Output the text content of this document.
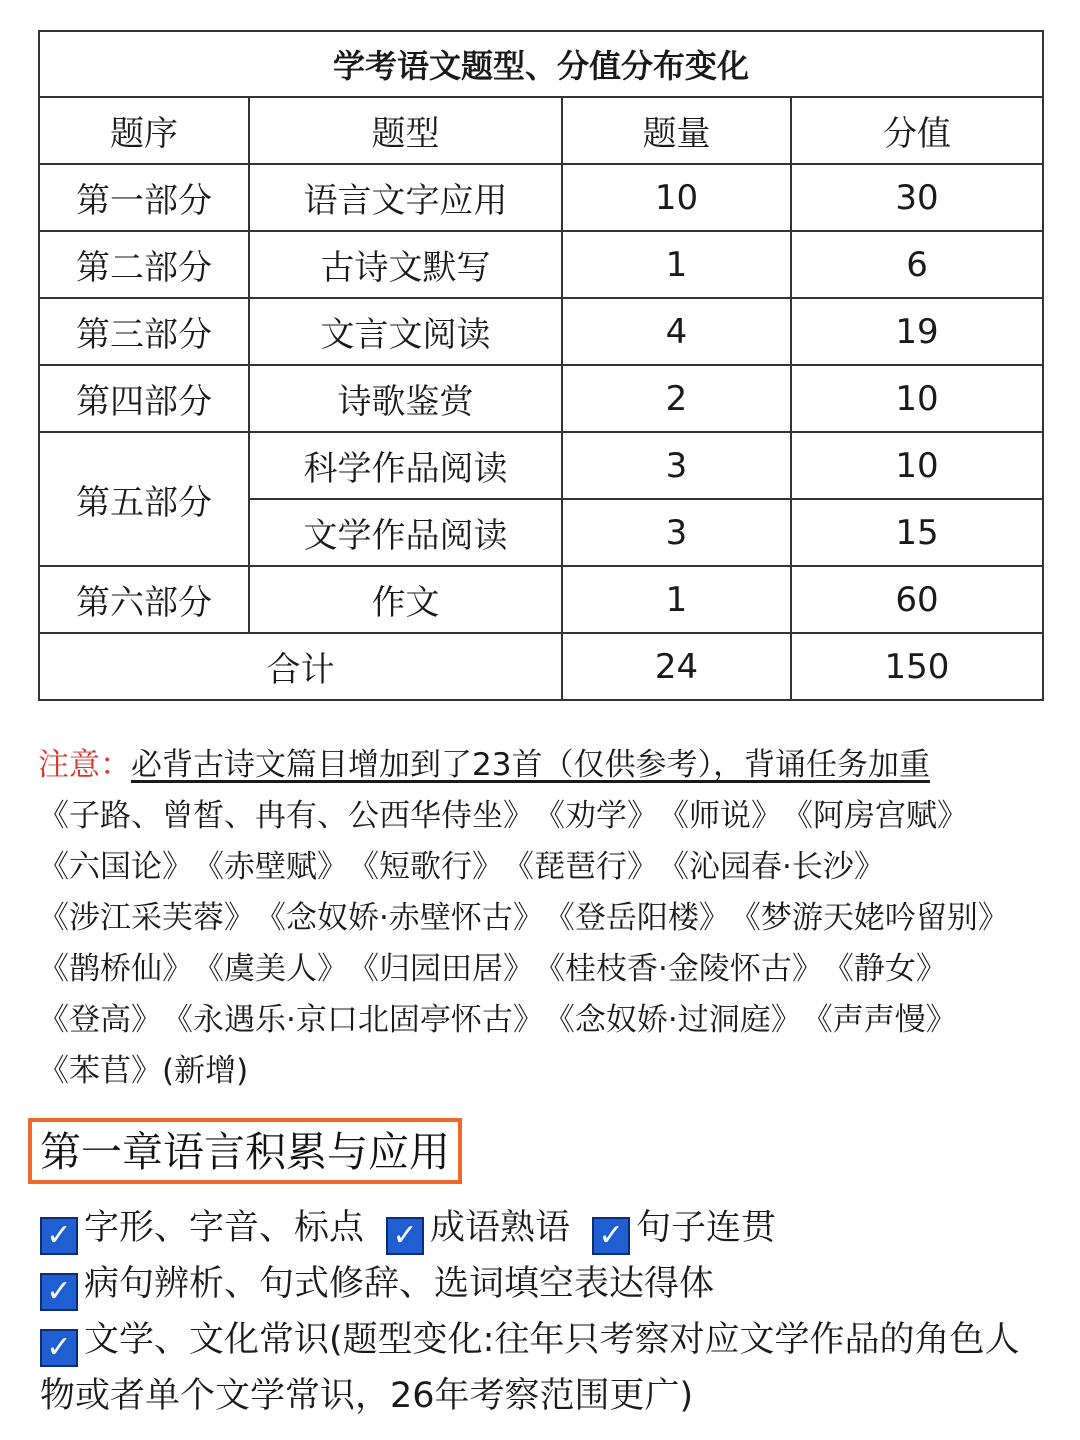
学考语文题型、分值分布变化			
题序	题型	题量	分值
第一部分	语言文字应用	10	30
第二部分	古诗文默写	1	6
第三部分	文言文阅读	4	19
第四部分	诗歌鉴赏	2	10
第五部分	科学作品阅读	3	10
	文学作品阅读	3	15
第六部分	作文	1	60
合计		24	150
注意：必背古诗文篇目增加到了23首（仅供参考），背诵任务加重
《子路、曾皙、冉有、公西华侍坐》《劝学》《师说》《阿房宫赋》《六国论》《赤壁赋》《短歌行》《琵琶行》《沁园春·长沙》《涉江采芙蓉》《念奴娇·赤壁怀古》《登岳阳楼》《梦游天姥吟留别》《鹊桥仙》《虞美人》《归园田居》《桂枝香·金陵怀古》《静女》《登高》《永遇乐·京口北固亭怀古》《念奴娇·过洞庭》《声声慢》《苯苢》(新增)
第一章语言积累与应用
✓ 字形、字音、标点 ✓ 成语熟语 ✓ 句子连贯
✓ 病句辨析、句式修辞、选词填空表达得体
✓ 文学、文化常识(题型变化:往年只考察对应文学作品的角色人物或者单个文学常识，26年考察范围更广)
